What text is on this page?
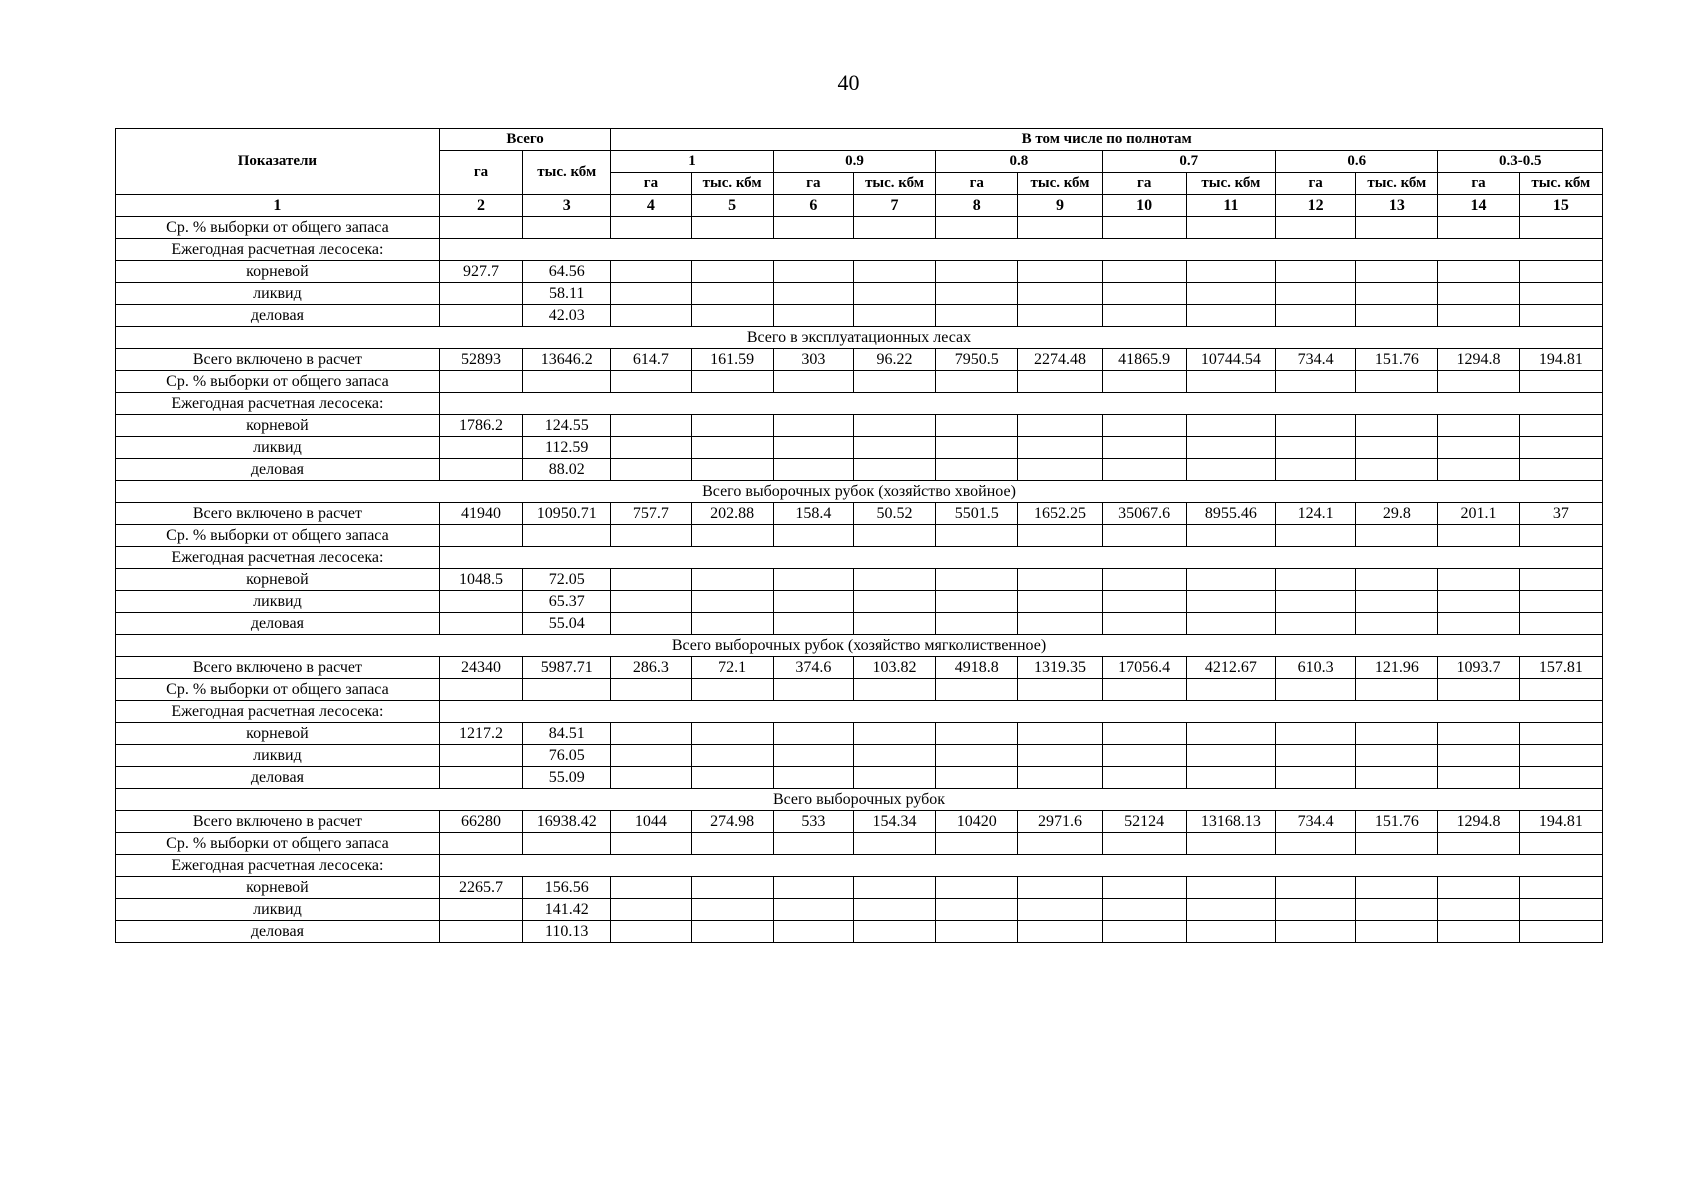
40
Показатели	Всего		В том числе по полнотам											
	га	тыс. кбм	1		0.9		0.8		0.7		0.6		0.3-0.5	
			га	тыс. кбм	га	тыс. кбм	га	тыс. кбм	га	тыс. кбм	га	тыс. кбм	га	тыс. кбм
1	2	3	4	5	6	7	8	9	10	11	12	13	14	15
Ср. % выборки от общего запаса														
Ежегодная расчетная лесосека:														
корневой	927.7	64.56												
ликвид		58.11												
деловая		42.03												
Всего в эксплуатационных лесах														
Всего включено в расчет	52893	13646.2	614.7	161.59	303	96.22	7950.5	2274.48	41865.9	10744.54	734.4	151.76	1294.8	194.81
Ср. % выборки от общего запаса														
Ежегодная расчетная лесосека:														
корневой	1786.2	124.55												
ликвид		112.59												
деловая		88.02												
Всего выборочных рубок (хозяйство хвойное)														
Всего включено в расчет	41940	10950.71	757.7	202.88	158.4	50.52	5501.5	1652.25	35067.6	8955.46	124.1	29.8	201.1	37
Ср. % выборки от общего запаса														
Ежегодная расчетная лесосека:														
корневой	1048.5	72.05												
ликвид		65.37												
деловая		55.04												
Всего выборочных рубок (хозяйство мягколиственное)														
Всего включено в расчет	24340	5987.71	286.3	72.1	374.6	103.82	4918.8	1319.35	17056.4	4212.67	610.3	121.96	1093.7	157.81
Ср. % выборки от общего запаса														
Ежегодная расчетная лесосека:														
корневой	1217.2	84.51												
ликвид		76.05												
деловая		55.09												
Всего выборочных рубок														
Всего включено в расчет	66280	16938.42	1044	274.98	533	154.34	10420	2971.6	52124	13168.13	734.4	151.76	1294.8	194.81
Ср. % выборки от общего запаса														
Ежегодная расчетная лесосека:														
корневой	2265.7	156.56												
ликвид		141.42												
деловая		110.13												
